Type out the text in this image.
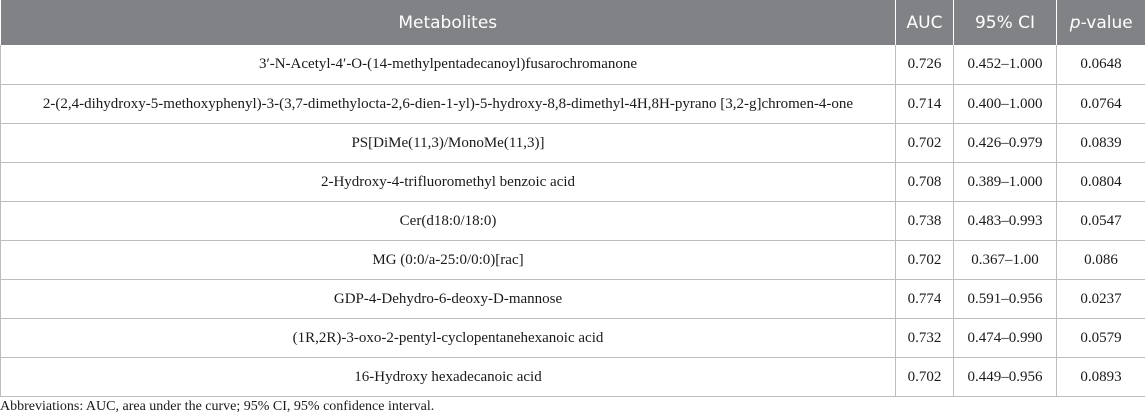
Metabolites	AUC	95% CI	p-value
3′-N-Acetyl-4′-O-(14-methylpentadecanoyl)fusarochromanone	0.726	0.452–1.000	0.0648
2-(2,4-dihydroxy-5-methoxyphenyl)-3-(3,7-dimethylocta-2,6-dien-1-yl)-5-hydroxy-8,8-dimethyl-4H,8H-pyrano [3,2-g]chromen-4-one	0.714	0.400–1.000	0.0764
PS[DiMe(11,3)/MonoMe(11,3)]	0.702	0.426–0.979	0.0839
2-Hydroxy-4-trifluoromethyl benzoic acid	0.708	0.389–1.000	0.0804
Cer(d18:0/18:0)	0.738	0.483–0.993	0.0547
MG (0:0/a-25:0/0:0)[rac]	0.702	0.367–1.00	0.086
GDP-4-Dehydro-6-deoxy-D-mannose	0.774	0.591–0.956	0.0237
(1R,2R)-3-oxo-2-pentyl-cyclopentanehexanoic acid	0.732	0.474–0.990	0.0579
16-Hydroxy hexadecanoic acid	0.702	0.449–0.956	0.0893
Abbreviations: AUC, area under the curve; 95% CI, 95% confidence interval.
